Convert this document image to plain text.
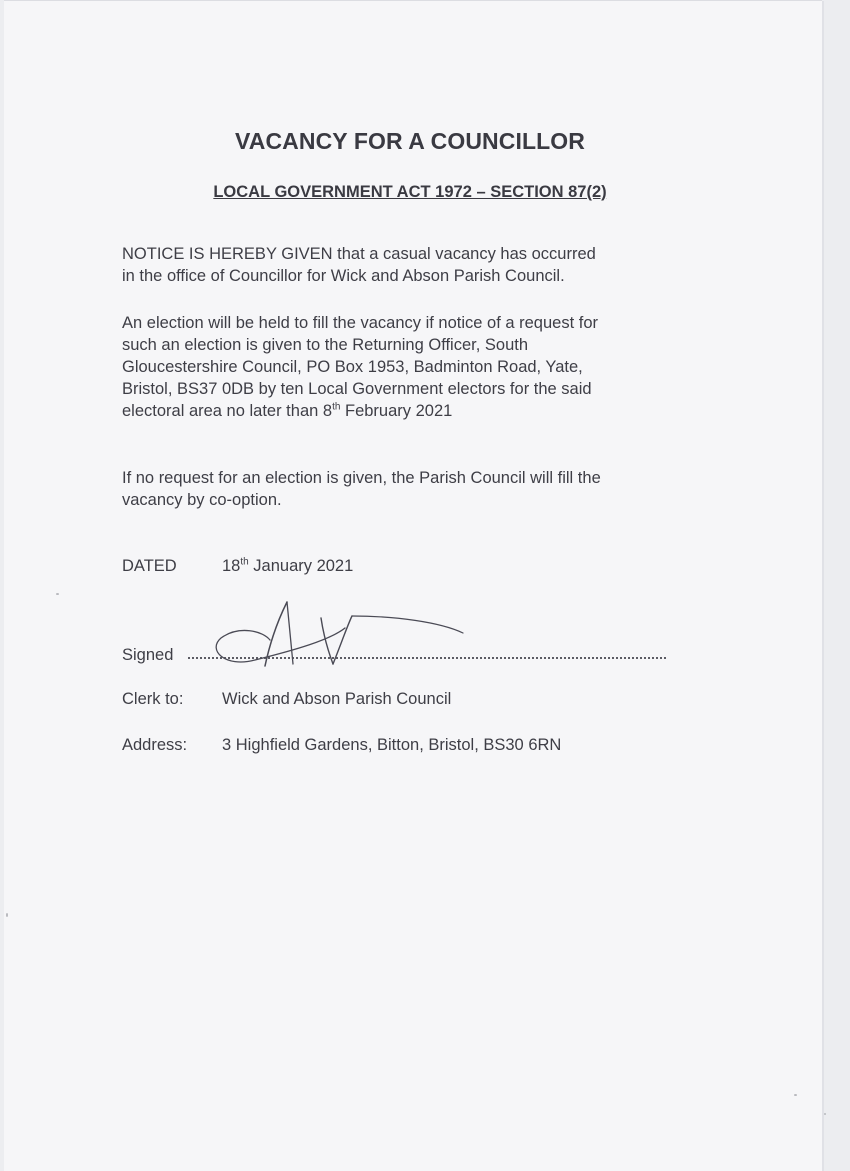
VACANCY FOR A COUNCILLOR
LOCAL GOVERNMENT ACT 1972 – SECTION 87(2)

NOTICE IS HEREBY GIVEN that a casual vacancy has occurred
in the office of Councillor for Wick and Abson Parish Council.

An election will be held to fill the vacancy if notice of a request for
such an election is given to the Returning Officer, South
Gloucestershire Council, PO Box 1953, Badminton Road, Yate,
Bristol, BS37 0DB by ten Local Government electors for the said
electoral area no later than 8th February 2021

If no request for an election is given, the Parish Council will fill the
vacancy by co-option.

DATED	18th January 2021
Signed
Clerk to: Wick and Abson Parish Council
Address: 3 Highfield Gardens, Bitton, Bristol, BS30 6RN
